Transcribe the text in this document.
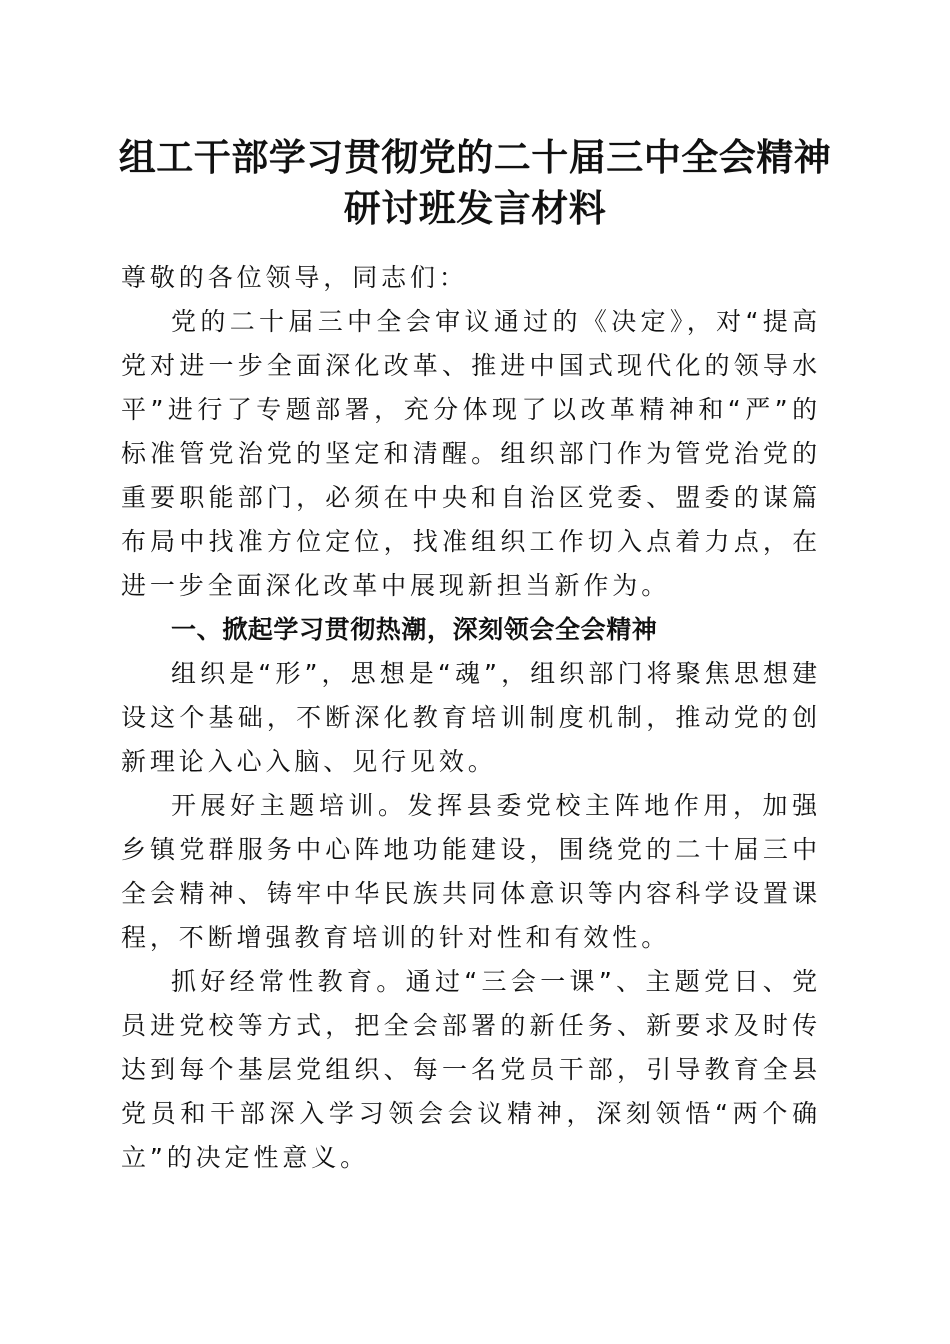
组工干部学习贯彻党的二十届三中全会精神研讨班发言材料

尊敬的各位领导，同志们：

党的二十届三中全会审议通过的《决定》，对“提高党对进一步全面深化改革、推进中国式现代化的领导水平”进行了专题部署，充分体现了以改革精神和“严”的标准管党治党的坚定和清醒。组织部门作为管党治党的重要职能部门，必须在中央和自治区党委、盟委的谋篇布局中找准方位定位，找准组织工作切入点着力点，在进一步全面深化改革中展现新担当新作为。

一、掀起学习贯彻热潮，深刻领会全会精神

组织是“形”，思想是“魂”，组织部门将聚焦思想建设这个基础，不断深化教育培训制度机制，推动党的创新理论入心入脑、见行见效。

开展好主题培训。发挥县委党校主阵地作用，加强乡镇党群服务中心阵地功能建设，围绕党的二十届三中全会精神、铸牢中华民族共同体意识等内容科学设置课程，不断增强教育培训的针对性和有效性。

抓好经常性教育。通过“三会一课”、主题党日、党员进党校等方式，把全会部署的新任务、新要求及时传达到每个基层党组织、每一名党员干部，引导教育全县党员和干部深入学习领会会议精神，深刻领悟“两个确立”的决定性意义。
